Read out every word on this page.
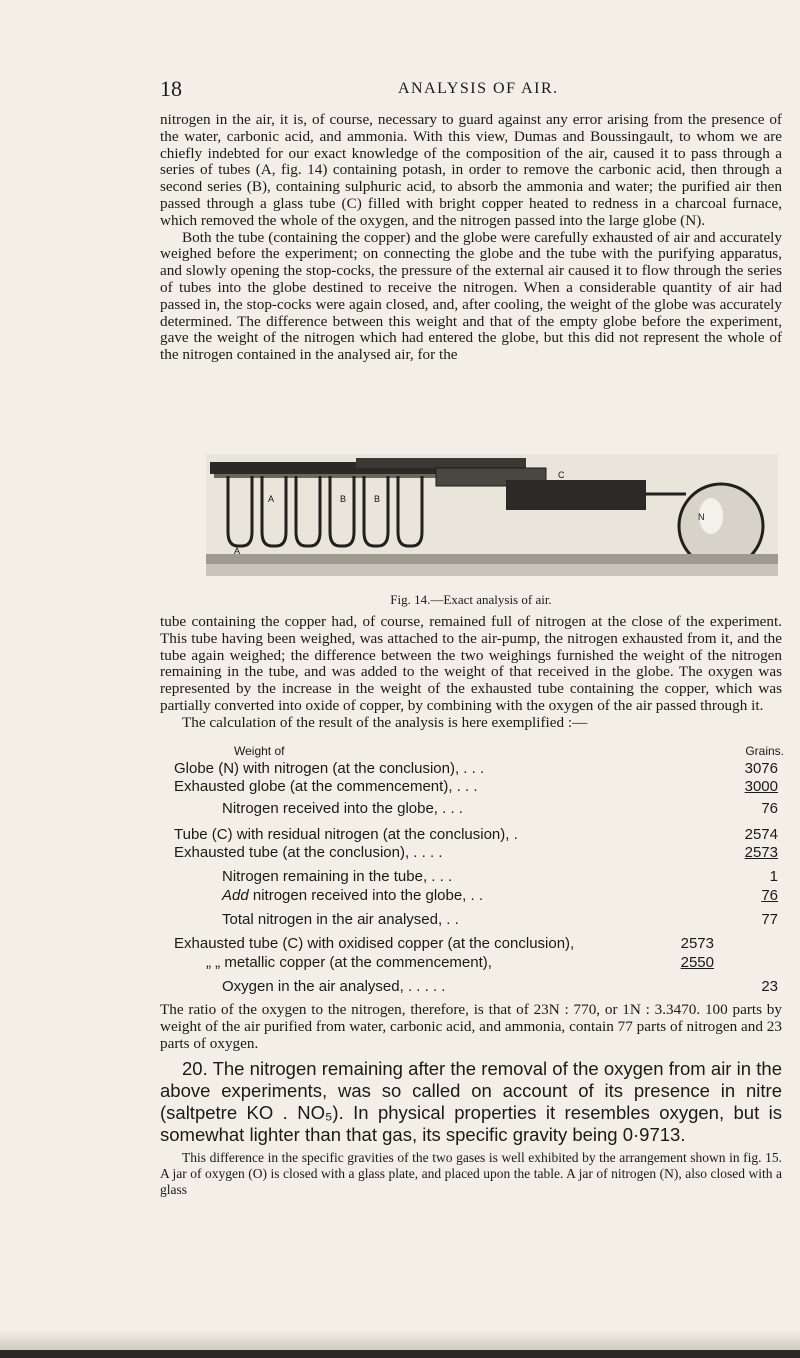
18	ANALYSIS OF AIR.

nitrogen in the air, it is, of course, necessary to guard against any error arising from the presence of the water, carbonic acid, and ammonia. With this view, Dumas and Boussingault, to whom we are chiefly indebted for our exact knowledge of the composition of the air, caused it to pass through a series of tubes (A, fig. 14) containing potash, in order to remove the carbonic acid, then through a second series (B), containing sulphuric acid, to absorb the ammonia and water; the purified air then passed through a glass tube (C) filled with bright copper heated to redness in a charcoal furnace, which removed the whole of the oxygen, and the nitrogen passed into the large globe (N).

Both the tube (containing the copper) and the globe were carefully exhausted of air and accurately weighed before the experiment; on connecting the globe and the tube with the purifying apparatus, and slowly opening the stop-cocks, the pressure of the external air caused it to flow through the series of tubes into the globe destined to receive the nitrogen. When a considerable quantity of air had passed in, the stop-cocks were again closed, and, after cooling, the weight of the globe was accurately determined. The difference between this weight and that of the empty globe before the experiment, gave the weight of the nitrogen which had entered the globe, but this did not represent the whole of the nitrogen contained in the analysed air, for the

A
A	B	B
C
N
Fig. 14.—Exact analysis of air.

tube containing the copper had, of course, remained full of nitrogen at the close of the experiment. This tube having been weighed, was attached to the air-pump, the nitrogen exhausted from it, and the tube again weighed; the difference between the two weighings furnished the weight of the nitrogen remaining in the tube, and was added to the weight of that received in the globe. The oxygen was represented by the increase in the weight of the exhausted tube containing the copper, which was partially converted into oxide of copper, by combining with the oxygen of the air passed through it.

The calculation of the result of the analysis is here exemplified :—

Weight of	Grains.
Globe (N) with nitrogen (at the conclusion), . . .	3076
Exhausted globe (at the commencement), . . .	3000
Nitrogen received into the globe, . . .	76
Tube (C) with residual nitrogen (at the conclusion), .	2574
Exhausted tube (at the conclusion), . . . .	2573
Nitrogen remaining in the tube, . . .	1
Add nitrogen received into the globe, . .	76
Total nitrogen in the air analysed, . .	77
Exhausted tube (C) with oxidised copper (at the conclusion),	2573
„ „ metallic copper (at the commencement),	2550
Oxygen in the air analysed, . . . . .	23

The ratio of the oxygen to the nitrogen, therefore, is that of 23N : 770, or 1N : 3.3470. 100 parts by weight of the air purified from water, carbonic acid, and ammonia, contain 77 parts of nitrogen and 23 parts of oxygen.

20. The nitrogen remaining after the removal of the oxygen from air in the above experiments, was so called on account of its presence in nitre (saltpetre KO . NO₅). In physical properties it resembles oxygen, but is somewhat lighter than that gas, its specific gravity being 0·9713.

This difference in the specific gravities of the two gases is well exhibited by the arrangement shown in fig. 15. A jar of oxygen (O) is closed with a glass plate, and placed upon the table. A jar of nitrogen (N), also closed with a glass
